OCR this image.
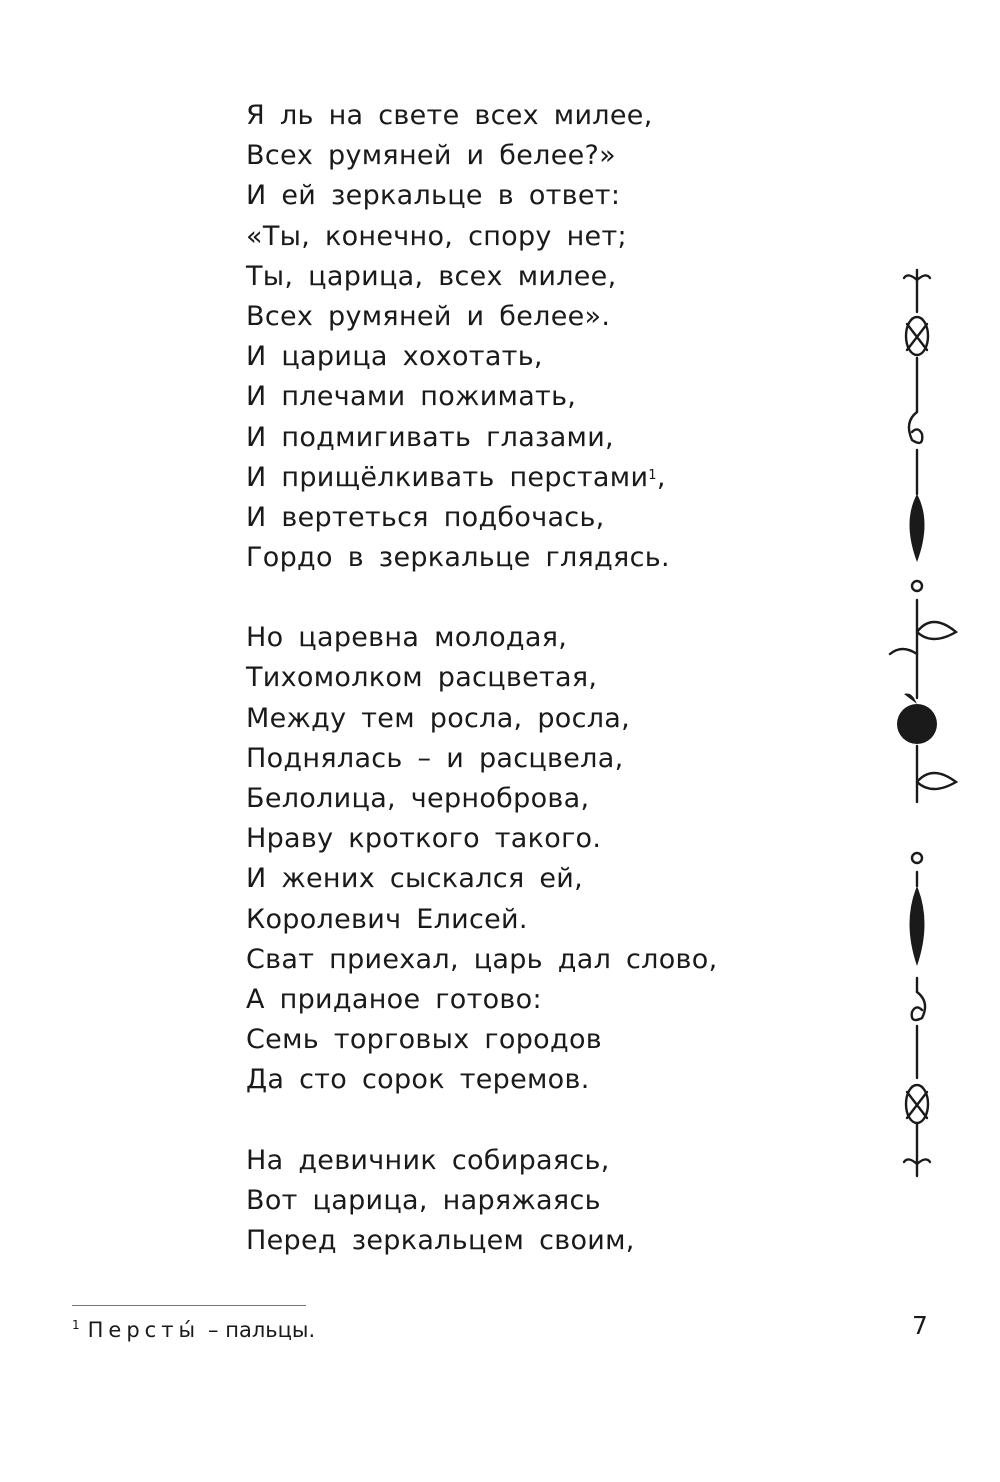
Я ль на свете всех милее,
Всех румяней и белее?»
И ей зеркальце в ответ:
«Ты, конечно, спору нет;
Ты, царица, всех милее,
Всех румяней и белее».
И царица хохотать,
И плечами пожимать,
И подмигивать глазами,
И прищёлкивать перстами$^1$,
И вертеться подбочась,
Гордо в зеркальце глядясь.
Но царевна молодая,
Тихомолком расцветая,
Между тем росла, росла,
Поднялась – и расцвела,
Белолица, черноброва,
Нраву кроткого такого.
И жених сыскался ей,
Королевич Елисей.
Сват приехал, царь дал слово,
А приданое готово:
Семь торговых городов
Да сто сорок теремов.
На девичник собираясь,
Вот царица, наряжаясь
Перед зеркальцем своим,
$^1$ Персты́ – пальцы.	7
